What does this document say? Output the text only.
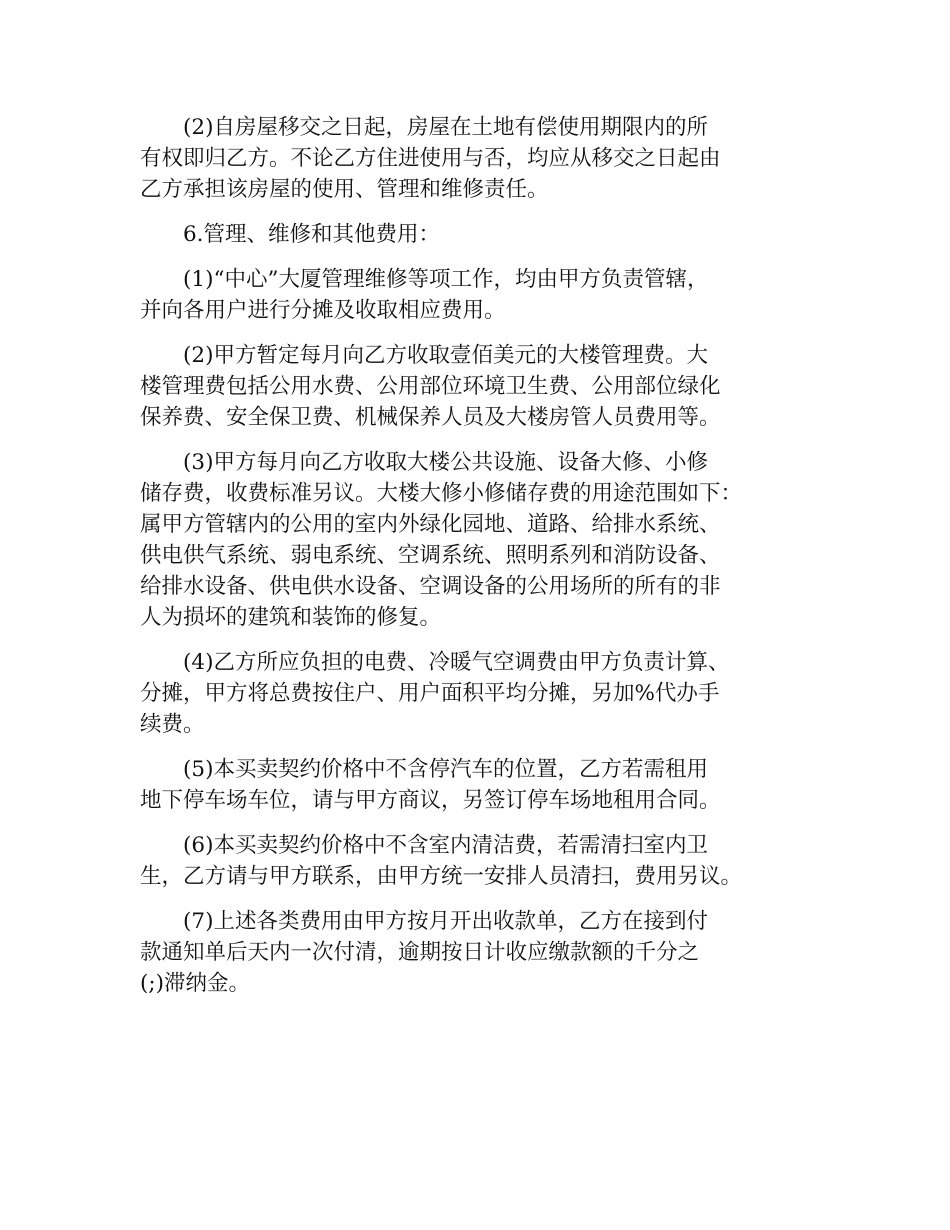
(2)自房屋移交之日起，房屋在土地有偿使用期限内的所
有权即归乙方。不论乙方住进使用与否，均应从移交之日起由
乙方承担该房屋的使用、管理和维修责任。
6.管理、维修和其他费用：
(1)“中心”大厦管理维修等项工作，均由甲方负责管辖，
并向各用户进行分摊及收取相应费用。
(2)甲方暂定每月向乙方收取壹佰美元的大楼管理费。大
楼管理费包括公用水费、公用部位环境卫生费、公用部位绿化
保养费、安全保卫费、机械保养人员及大楼房管人员费用等。
(3)甲方每月向乙方收取大楼公共设施、设备大修、小修
储存费，收费标准另议。大楼大修小修储存费的用途范围如下：
属甲方管辖内的公用的室内外绿化园地、道路、给排水系统、
供电供气系统、弱电系统、空调系统、照明系列和消防设备、
给排水设备、供电供水设备、空调设备的公用场所的所有的非
人为损坏的建筑和装饰的修复。
(4)乙方所应负担的电费、冷暖气空调费由甲方负责计算、
分摊，甲方将总费按住户、用户面积平均分摊，另加%代办手
续费。
(5)本买卖契约价格中不含停汽车的位置，乙方若需租用
地下停车场车位，请与甲方商议，另签订停车场地租用合同。
(6)本买卖契约价格中不含室内清洁费，若需清扫室内卫
生，乙方请与甲方联系，由甲方统一安排人员清扫，费用另议。
(7)上述各类费用由甲方按月开出收款单，乙方在接到付
款通知单后天内一次付清，逾期按日计收应缴款额的千分之
(;)滞纳金。
